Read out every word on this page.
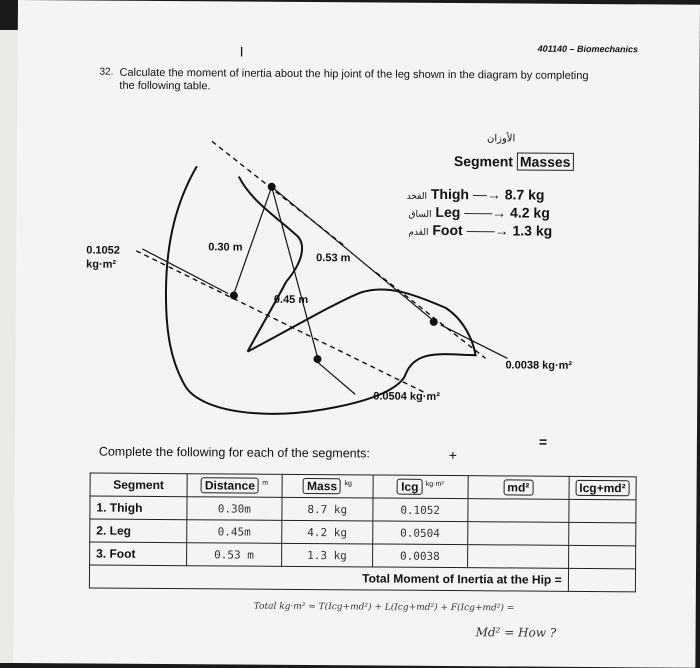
401140 – Biomechanics
I
32. Calculate the moment of inertia about the hip joint of the leg shown in the diagram by completing
the following table.
الأوزان
Segment Masses
الفخد Thigh —→ 8.7 kg
الساق Leg ——→ 4.2 kg
القدم Foot ——→ 1.3 kg
0.1052
kg·m²
0.30 m
0.45 m
0.53 m
0.0504 kg·m²
0.0038 kg·m²
Complete the following for each of the segments:	+
=
Segment	Distance $^m$	Mass $^{kg}$	Icg $^{kg\cdot m^2}$	md²	Icg+md²
1. Thigh	0.30m	8.7 kg	0.1052		
2. Leg	0.45m	4.2 kg	0.0504		
3. Foot	0.53 m	1.3 kg	0.0038		
Total Moment of Inertia at the Hip =					
Total kg·m² = T(Icg+md²) + L(Icg+md²) + F(Icg+md²) =
Md² = How ?
